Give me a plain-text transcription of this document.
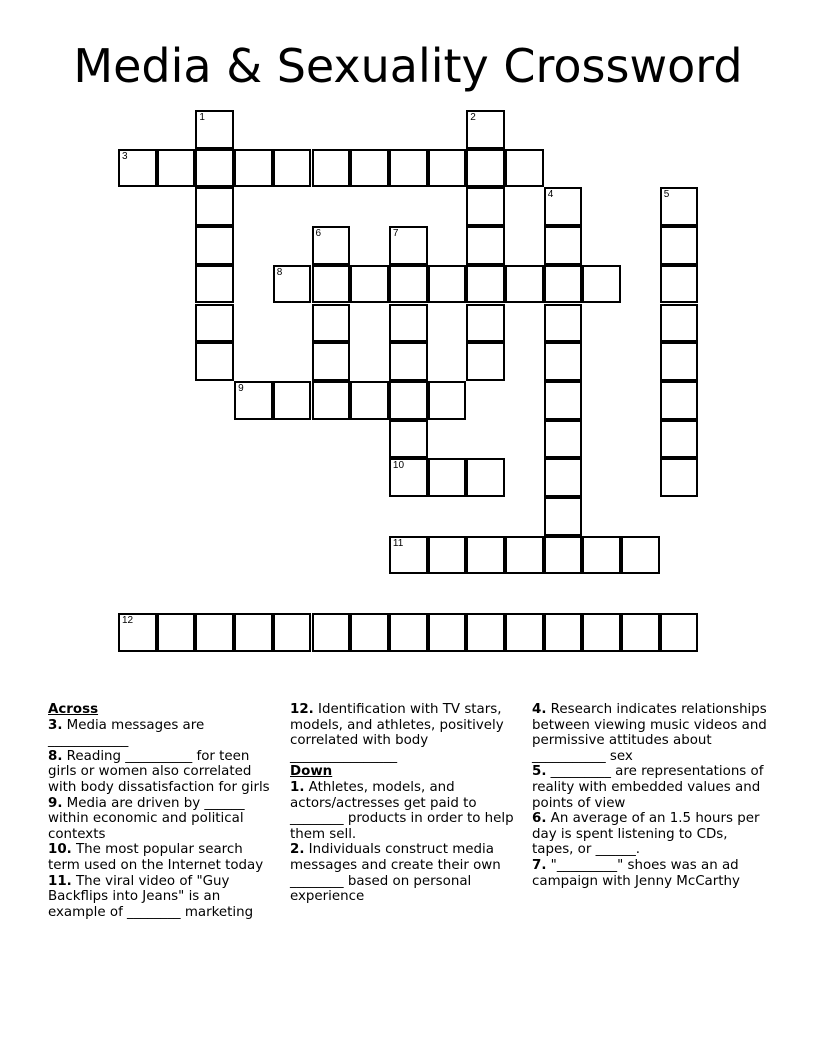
Media & Sexuality Crossword
1	2
3
4	5
6	7
10
8
9
11
12

Across

3. Media messages are ____________

8. Reading __________ for teen girls or women also correlated with body dissatisfaction for girls

9. Media are driven by ______ within economic and political contexts

10. The most popular search term used on the Internet today

11. The viral video of "Guy Backflips into Jeans" is an example of ________ marketing

12. Identification with TV stars, models, and athletes, positively correlated with body ________________

Down

1. Athletes, models, and actors/actresses get paid to ________ products in order to help them sell.

2. Individuals construct media messages and create their own ________ based on personal experience

4. Research indicates relationships between viewing music videos and permissive attitudes about ___________ sex

5. _________ are representations of reality with embedded values and points of view

6. An average of an 1.5 hours per day is spent listening to CDs, tapes, or ______.

7. "_________" shoes was an ad campaign with Jenny McCarthy
